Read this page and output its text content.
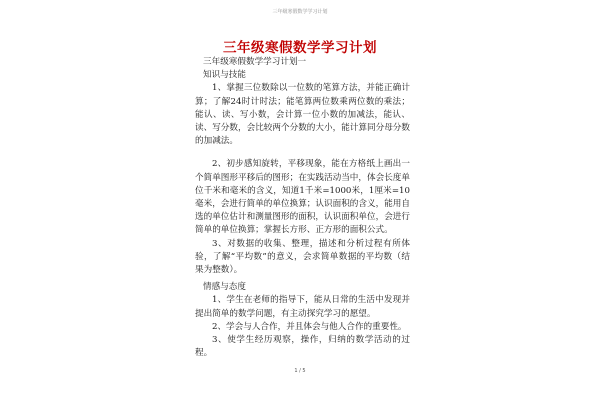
三年级寒假数学学习计划
三年级寒假数学学习计划

三年级寒假数学学习计划一

知识与技能

1、掌握三位数除以一位数的笔算方法，并能正确计算；了解24时计时法；能笔算两位数乘两位数的乘法；能认、读、写小数，会计算一位小数的加减法，能认、读、写分数，会比较两个分数的大小，能计算同分母分数的加减法。

2、初步感知旋转，平移现象，能在方格纸上画出一个简单图形平移后的图形；在实践活动当中，体会长度单位千米和毫米的含义，知道1千米=1000米，1厘米=10毫米，会进行简单的单位换算；认识面积的含义，能用自选的单位估计和测量图形的面积，认识面积单位，会进行简单的单位换算；掌握长方形、正方形的面积公式。

3、对数据的收集、整理，描述和分析过程有所体验，了解“平均数”的意义，会求简单数据的平均数（结果为整数）。

情感与态度

1、学生在老师的指导下，能从日常的生活中发现并提出简单的数学问题，有主动探究学习的愿望。

2、学会与人合作，并且体会与他人合作的重要性。

3、使学生经历观察，操作，归纳的数学活动的过程。

1 / 5
